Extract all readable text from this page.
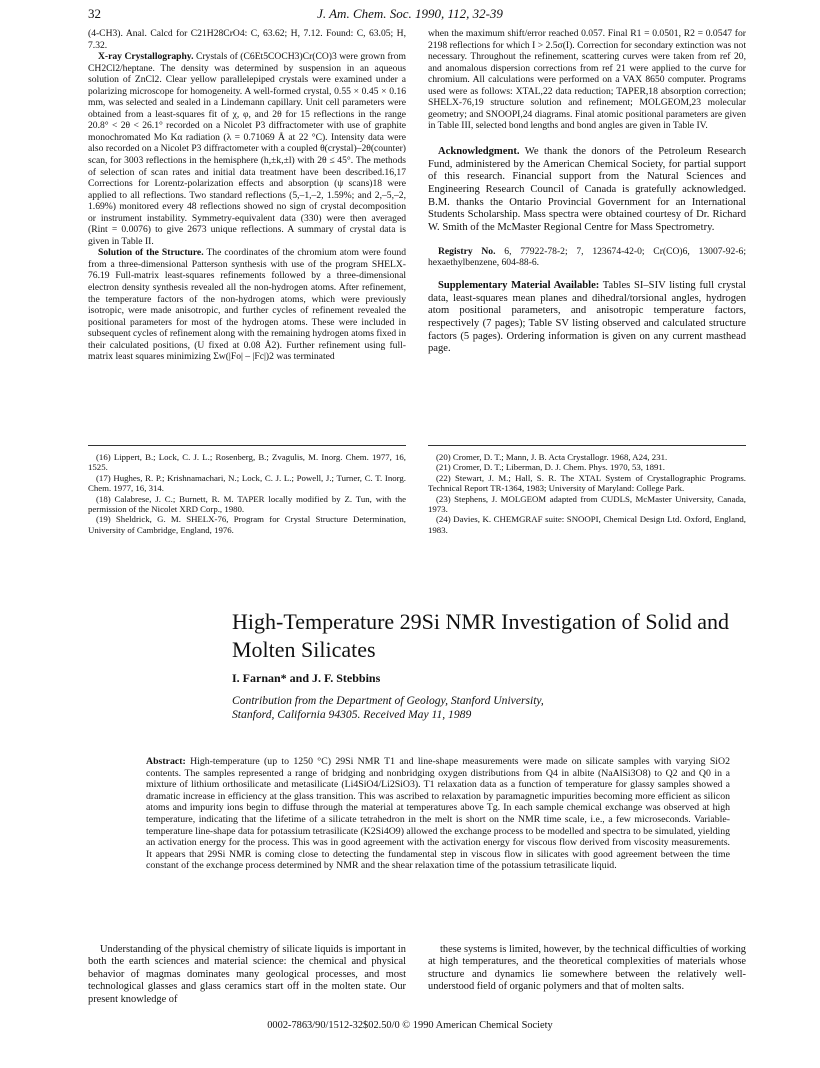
32	J. Am. Chem. Soc. 1990, 112, 32-39

(4-CH3). Anal. Calcd for C21H28CrO4: C, 63.62; H, 7.12. Found: C, 63.05; H, 7.32.

X-ray Crystallography. Crystals of (C6Et5COCH3)Cr(CO)3 were grown from CH2Cl2/heptane. The density was determined by suspension in an aqueous solution of ZnCl2. Clear yellow parallelepiped crystals were examined under a polarizing microscope for homogeneity. A well-formed crystal, 0.55 × 0.45 × 0.16 mm, was selected and sealed in a Lindemann capillary. Unit cell parameters were obtained from a least-squares fit of χ, φ, and 2θ for 15 reflections in the range 20.8° < 2θ < 26.1° recorded on a Nicolet P3 diffractometer with use of graphite monochromated Mo Kα radiation (λ = 0.71069 Å at 22 °C). Intensity data were also recorded on a Nicolet P3 diffractometer with a coupled θ(crystal)–2θ(counter) scan, for 3003 reflections in the hemisphere (h,±k,±l) with 2θ ≤ 45°. The methods of selection of scan rates and initial data treatment have been described.16,17 Corrections for Lorentz-polarization effects and absorption (ψ scans)18 were applied to all reflections. Two standard reflections (5,–1,–2, 1.59%; and 2,–5,–2, 1.69%) monitored every 48 reflections showed no sign of crystal decomposition or instrument instability. Symmetry-equivalent data (330) were then averaged (Rint = 0.0076) to give 2673 unique reflections. A summary of crystal data is given in Table II.

Solution of the Structure. The coordinates of the chromium atom were found from a three-dimensional Patterson synthesis with use of the program SHELX-76.19 Full-matrix least-squares refinements followed by a three-dimensional electron density synthesis revealed all the non-hydrogen atoms. After refinement, the temperature factors of the non-hydrogen atoms, which were previously isotropic, were made anisotropic, and further cycles of refinement revealed the positional parameters for most of the hydrogen atoms. These were included in subsequent cycles of refinement along with the remaining hydrogen atoms fixed in their calculated positions, (U fixed at 0.08 Å2). Further refinement using full-matrix least squares minimizing Σw(|Fo| – |Fc|)2 was terminated

when the maximum shift/error reached 0.057. Final R1 = 0.0501, R2 = 0.0547 for 2198 reflections for which I > 2.5σ(I). Correction for secondary extinction was not necessary. Throughout the refinement, scattering curves were taken from ref 20, and anomalous dispersion corrections from ref 21 were applied to the curve for chromium. All calculations were performed on a VAX 8650 computer. Programs used were as follows: XTAL,22 data reduction; TAPER,18 absorption correction; SHELX-76,19 structure solution and refinement; MOLGEOM,23 molecular geometry; and SNOOPI,24 diagrams. Final atomic positional parameters are given in Table III, selected bond lengths and bond angles are given in Table IV.

Acknowledgment. We thank the donors of the Petroleum Research Fund, administered by the American Chemical Society, for partial support of this research. Financial support from the Natural Sciences and Engineering Research Council of Canada is gratefully acknowledged. B.M. thanks the Ontario Provincial Government for an International Students Scholarship. Mass spectra were obtained courtesy of Dr. Richard W. Smith of the McMaster Regional Centre for Mass Spectrometry.

Registry No. 6, 77922-78-2; 7, 123674-42-0; Cr(CO)6, 13007-92-6; hexaethylbenzene, 604-88-6.

Supplementary Material Available: Tables SI–SIV listing full crystal data, least-squares mean planes and dihedral/torsional angles, hydrogen atom positional parameters, and anisotropic temperature factors, respectively (7 pages); Table SV listing observed and calculated structure factors (5 pages). Ordering information is given on any current masthead page.

(16) Lippert, B.; Lock, C. J. L.; Rosenberg, B.; Zvagulis, M. Inorg. Chem. 1977, 16, 1525.

(17) Hughes, R. P.; Krishnamachari, N.; Lock, C. J. L.; Powell, J.; Turner, C. T. Inorg. Chem. 1977, 16, 314.

(18) Calabrese, J. C.; Burnett, R. M. TAPER locally modified by Z. Tun, with the permission of the Nicolet XRD Corp., 1980.

(19) Sheldrick, G. M. SHELX-76, Program for Crystal Structure Determination, University of Cambridge, England, 1976.

(20) Cromer, D. T.; Mann, J. B. Acta Crystallogr. 1968, A24, 231.

(21) Cromer, D. T.; Liberman, D. J. Chem. Phys. 1970, 53, 1891.

(22) Stewart, J. M.; Hall, S. R. The XTAL System of Crystallographic Programs. Technical Report TR-1364, 1983; University of Maryland: College Park.

(23) Stephens, J. MOLGEOM adapted from CUDLS, McMaster University, Canada, 1973.

(24) Davies, K. CHEMGRAF suite: SNOOPI, Chemical Design Ltd. Oxford, England, 1983.

High-Temperature 29Si NMR Investigation of Solid and
Molten Silicates
I. Farnan* and J. F. Stebbins
Contribution from the Department of Geology, Stanford University,
Stanford, California 94305. Received May 11, 1989
Abstract: High-temperature (up to 1250 °C) 29Si NMR T1 and line-shape measurements were made on silicate samples with varying SiO2 contents. The samples represented a range of bridging and nonbridging oxygen distributions from Q4 in albite (NaAlSi3O8) to Q2 and Q0 in a mixture of lithium orthosilicate and metasilicate (Li4SiO4/Li2SiO3). T1 relaxation data as a function of temperature for glassy samples showed a dramatic increase in efficiency at the glass transition. This was ascribed to relaxation by paramagnetic impurities becoming more efficient as silicon atoms and impurity ions begin to diffuse through the material at temperatures above Tg. In each sample chemical exchange was observed at high temperature, indicating that the lifetime of a silicate tetrahedron in the melt is short on the NMR time scale, i.e., a few microseconds. Variable-temperature line-shape data for potassium tetrasilicate (K2Si4O9) allowed the exchange process to be modelled and spectra to be simulated, yielding an activation energy for the process. This was in good agreement with the activation energy for viscous flow derived from viscosity measurements. It appears that 29Si NMR is coming close to detecting the fundamental step in viscous flow in silicates with good agreement between the time constant of the exchange process determined by NMR and the shear relaxation time of the potassium tetrasilicate liquid.

Understanding of the physical chemistry of silicate liquids is important in both the earth sciences and material science: the chemical and physical behavior of magmas dominates many geological processes, and most technological glasses and glass ceramics start off in the molten state. Our present knowledge of

these systems is limited, however, by the technical difficulties of working at high temperatures, and the theoretical complexities of materials whose structure and dynamics lie somewhere between the relatively well-understood field of organic polymers and that of molten salts.

0002-7863/90/1512-32$02.50/0 © 1990 American Chemical Society
